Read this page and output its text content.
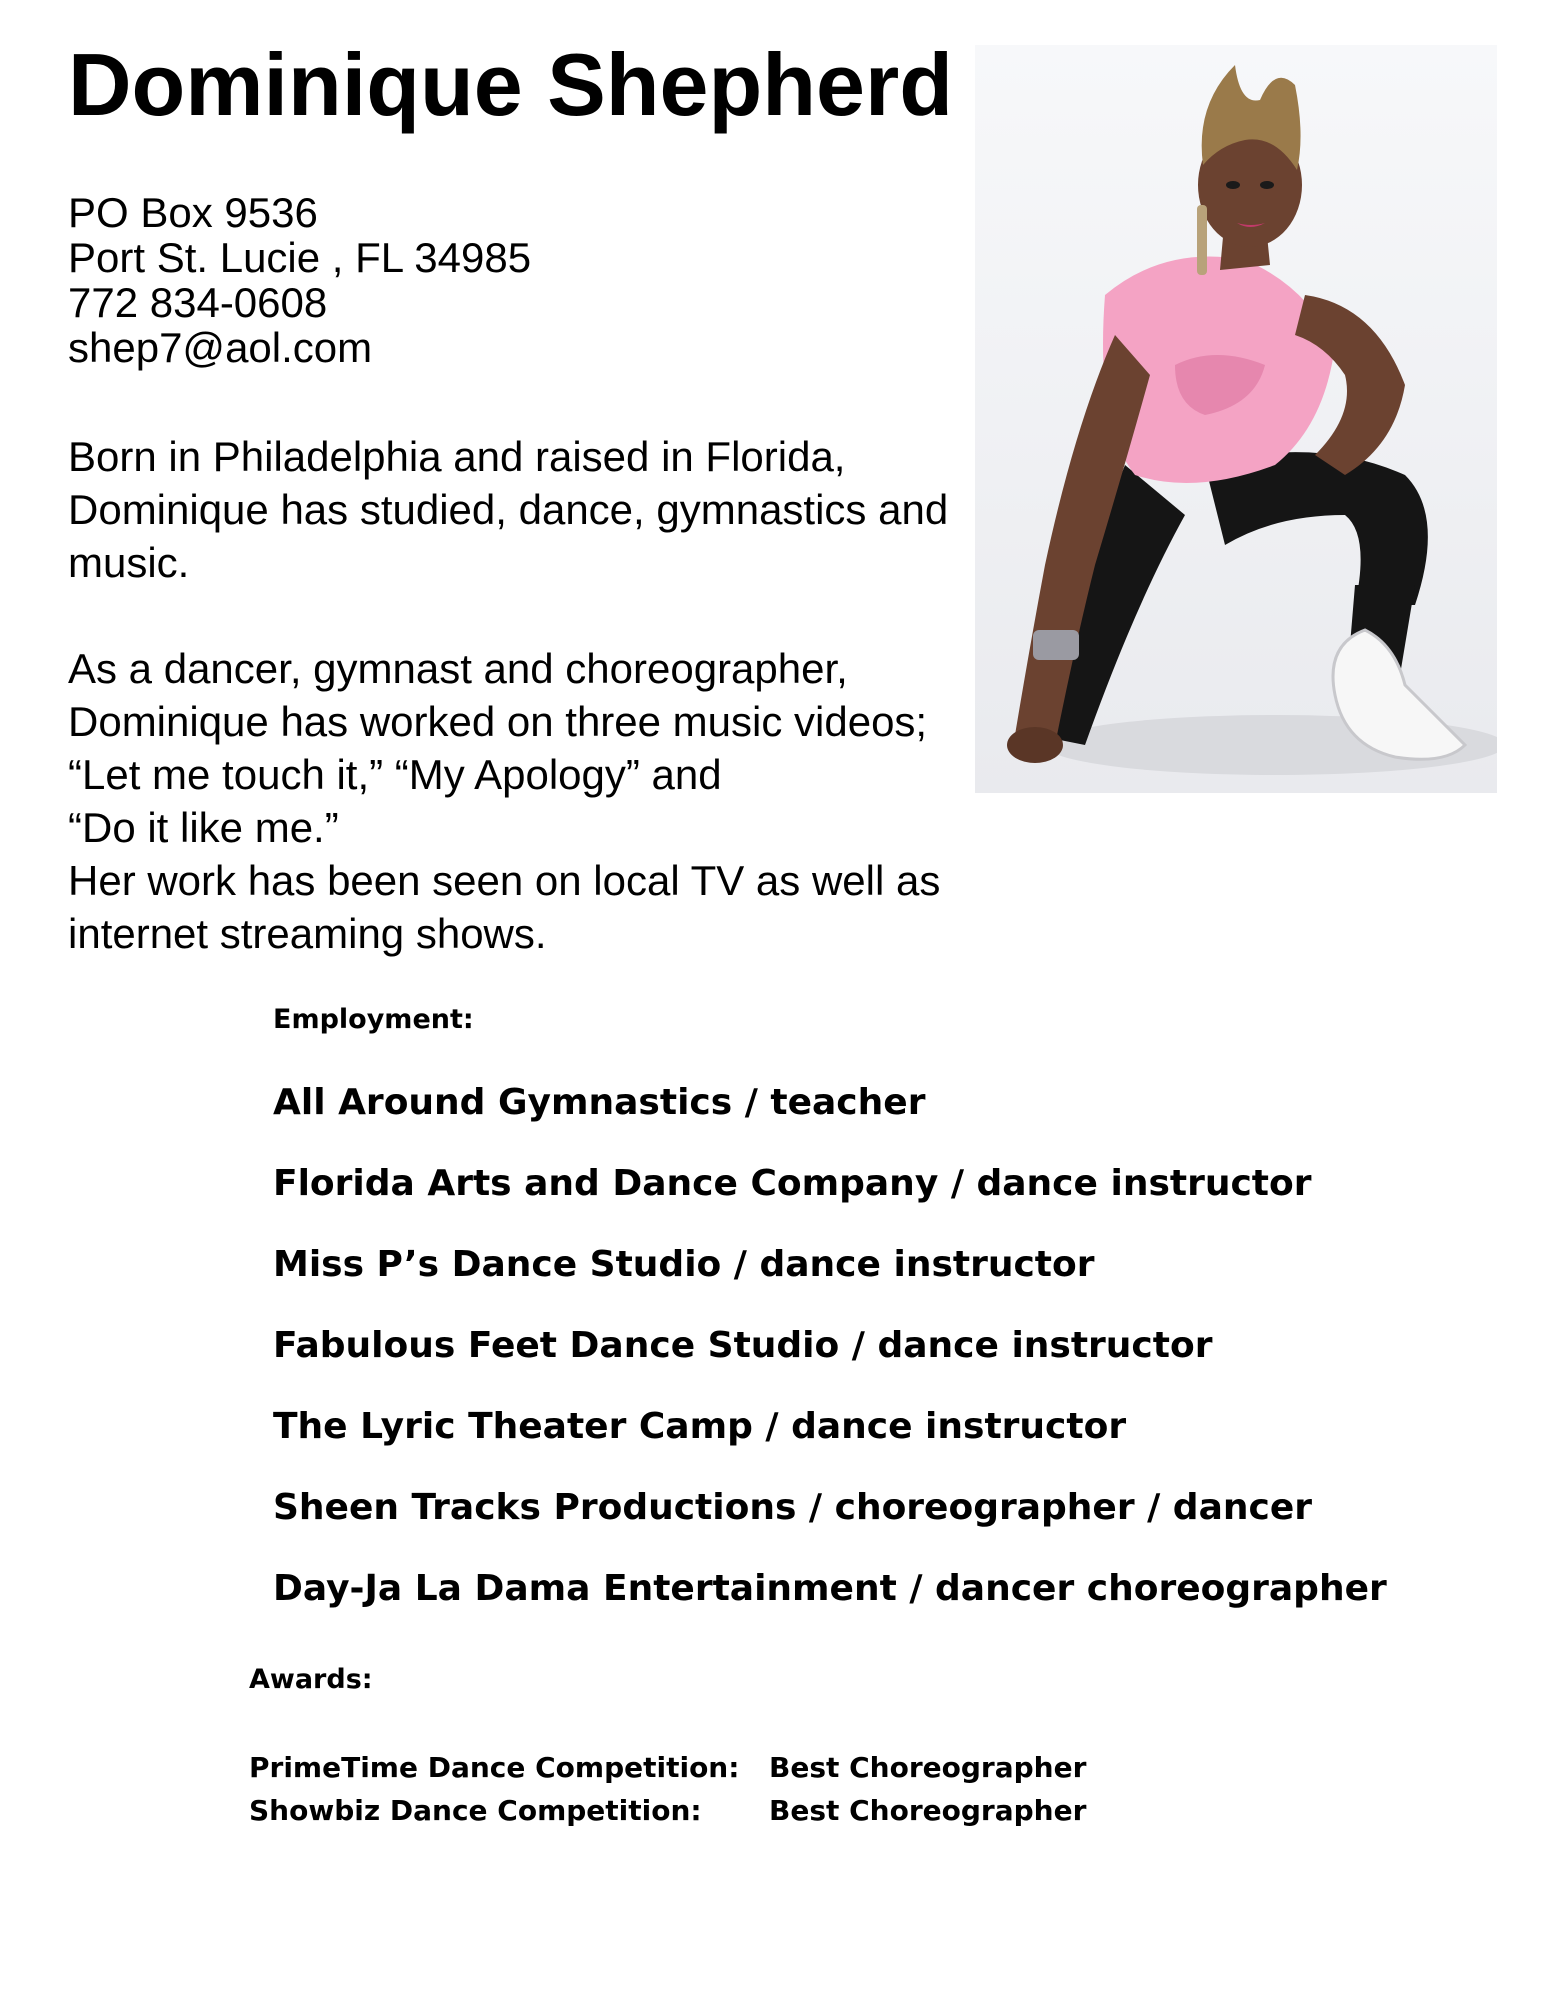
Dominique Shepherd
PO Box 9536
Port St. Lucie , FL 34985
772 834-0608
shep7@aol.com
Born in Philadelphia and raised in Florida,
Dominique has studied, dance, gymnastics and
music.
As a dancer, gymnast and choreographer,
Dominique has worked on three music videos;
“Let me touch it,” “My Apology” and
“Do it like me.”
Her work has been seen on local TV as well as
internet streaming shows.
Employment:
All Around Gymnastics / teacher
Florida Arts and Dance Company / dance instructor
Miss P’s Dance Studio / dance instructor
Fabulous Feet Dance Studio / dance instructor
The Lyric Theater Camp / dance instructor
Sheen Tracks Productions / choreographer / dancer
Day-Ja La Dama Entertainment / dancer choreographer
Awards:
PrimeTime Dance Competition: Best Choreographer
Showbiz Dance Competition: Best Choreographer
